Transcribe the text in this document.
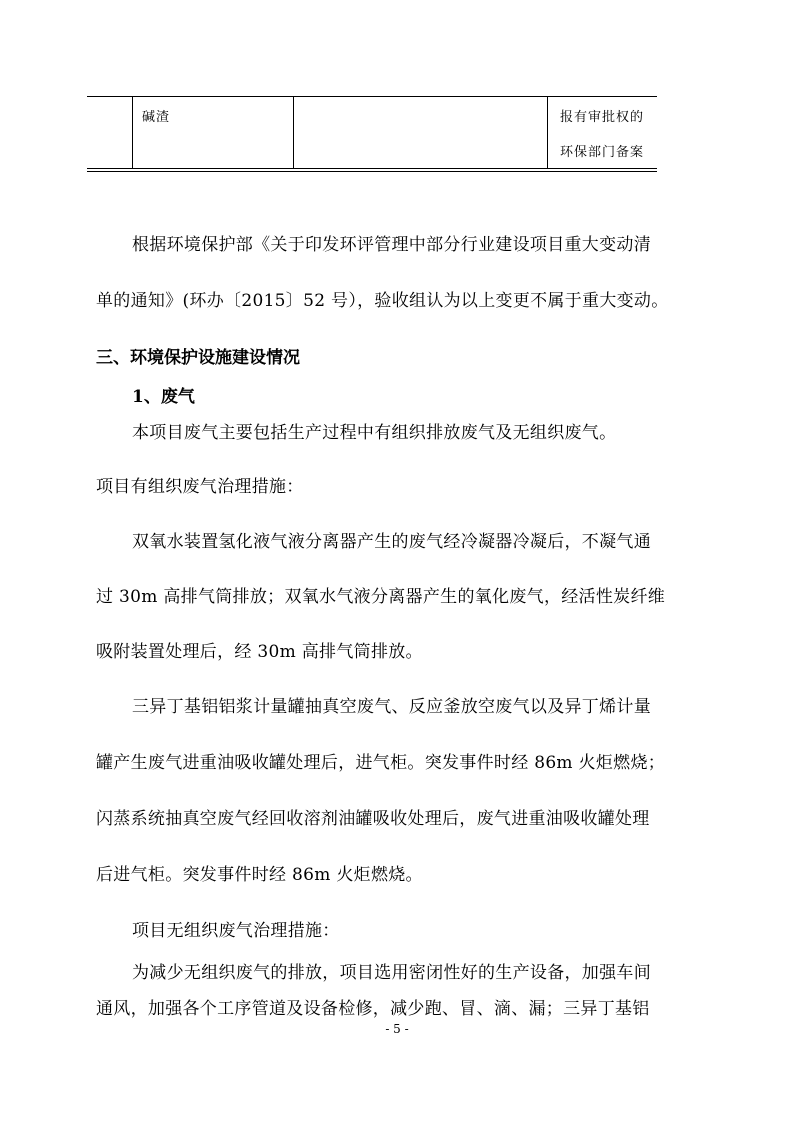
碱渣	报有审批权的
环保部门备案
根据环境保护部《关于印发环评管理中部分行业建设项目重大变动清
单的通知》(环办〔2015〕52 号），验收组认为以上变更不属于重大变动。
三、环境保护设施建设情况
1、废气
本项目废气主要包括生产过程中有组织排放废气及无组织废气。
项目有组织废气治理措施：
双氧水装置氢化液气液分离器产生的废气经冷凝器冷凝后，不凝气通
过 30m 高排气筒排放；双氧水气液分离器产生的氧化废气，经活性炭纤维
吸附装置处理后，经 30m 高排气筒排放。
三异丁基铝铝浆计量罐抽真空废气、反应釜放空废气以及异丁烯计量
罐产生废气进重油吸收罐处理后，进气柜。突发事件时经 86m 火炬燃烧；
闪蒸系统抽真空废气经回收溶剂油罐吸收处理后，废气进重油吸收罐处理
后进气柜。突发事件时经 86m 火炬燃烧。
项目无组织废气治理措施：
为减少无组织废气的排放，项目选用密闭性好的生产设备，加强车间
通风，加强各个工序管道及设备检修，减少跑、冒、滴、漏；三异丁基铝
- 5 -
